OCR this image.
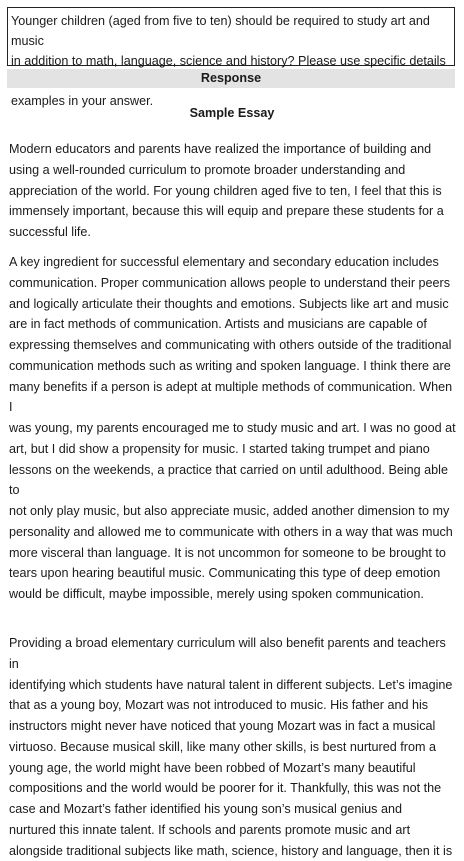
Younger children (aged from five to ten) should be required to study art and music
in addition to math, language, science and history? Please use specific details
examples in your answer.
Response
Sample Essay
Modern educators and parents have realized the importance of building and
using a well-rounded curriculum to promote broader understanding and
appreciation of the world. For young children aged five to ten, I feel that this is
immensely important, because this will equip and prepare these students for a
successful life.
A key ingredient for successful elementary and secondary education includes
communication. Proper communication allows people to understand their peers
and logically articulate their thoughts and emotions. Subjects like art and music
are in fact methods of communication. Artists and musicians are capable of
expressing themselves and communicating with others outside of the traditional
communication methods such as writing and spoken language. I think there are
many benefits if a person is adept at multiple methods of communication. When I
was young, my parents encouraged me to study music and art. I was no good at
art, but I did show a propensity for music. I started taking trumpet and piano
lessons on the weekends, a practice that carried on until adulthood. Being able to
not only play music, but also appreciate music, added another dimension to my
personality and allowed me to communicate with others in a way that was much
more visceral than language. It is not uncommon for someone to be brought to
tears upon hearing beautiful music. Communicating this type of deep emotion
would be difficult, maybe impossible, merely using spoken communication.
Providing a broad elementary curriculum will also benefit parents and teachers in
identifying which students have natural talent in different subjects. Let’s imagine
that as a young boy, Mozart was not introduced to music. His father and his
instructors might never have noticed that young Mozart was in fact a musical
virtuoso. Because musical skill, like many other skills, is best nurtured from a
young age, the world might have been robbed of Mozart’s many beautiful
compositions and the world would be poorer for it. Thankfully, this was not the
case and Mozart’s father identified his young son’s musical genius and
nurtured this innate talent. If schools and parents promote music and art
alongside traditional subjects like math, science, history and language, then it is
